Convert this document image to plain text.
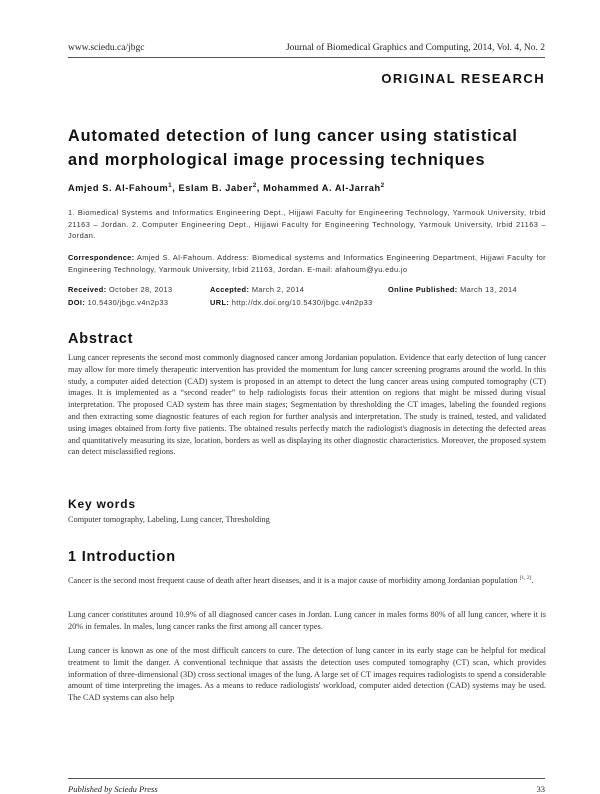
www.sciedu.ca/jbgc	Journal of Biomedical Graphics and Computing, 2014, Vol. 4, No. 2
ORIGINAL RESEARCH
Automated detection of lung cancer using statistical and morphological image processing techniques
Amjed S. Al-Fahoum$^1$, Eslam B. Jaber$^2$, Mohammed A. Al-Jarrah$^2$
1. Biomedical Systems and Informatics Engineering Dept., Hijjawi Faculty for Engineering Technology, Yarmouk University, Irbid 21163 – Jordan. 2. Computer Engineering Dept., Hijjawi Faculty for Engineering Technology, Yarmouk University, Irbid 21163 – Jordan.
Correspondence: Amjed S. Al-Fahoum. Address: Biomedical systems and Informatics Engineering Department, Hijjawi Faculty for Engineering Technology, Yarmouk University, Irbid 21163, Jordan. E-mail: afahoum@yu.edu.jo
Received: October 28, 2013	Accepted: March 2, 2014	Online Published: March 13, 2014
DOI: 10.5430/jbgc.v4n2p33	URL: http://dx.doi.org/10.5430/jbgc.v4n2p33
Abstract
Lung cancer represents the second most commonly diagnosed cancer among Jordanian population. Evidence that early detection of lung cancer may allow for more timely therapeutic intervention has provided the momentum for lung cancer screening programs around the world. In this study, a computer aided detection (CAD) system is proposed in an attempt to detect the lung cancer areas using computed tomography (CT) images. It is implemented as a “second reader” to help radiologists focus their attention on regions that might be missed during visual interpretation. The proposed CAD system has three main stages; Segmentation by thresholding the CT images, labeling the founded regions and then extracting some diagnostic features of each region for further analysis and interpretation. The study is trained, tested, and validated using images obtained from forty five patients. The obtained results perfectly match the radiologist's diagnosis in detecting the defected areas and quantitatively measuring its size, location, borders as well as displaying its other diagnostic characteristics. Moreover, the proposed system can detect misclassified regions.
Key words
Computer tomography, Labeling, Lung cancer, Thresholding
1 Introduction
Cancer is the second most frequent cause of death after heart diseases, and it is a major cause of morbidity among Jordanian population [1, 2].
Lung cancer constitutes around 10.9% of all diagnosed cancer cases in Jordan. Lung cancer in males forms 80% of all lung cancer, where it is 20% in females. In males, lung cancer ranks the first among all cancer types.
Lung cancer is known as one of the most difficult cancers to cure. The detection of lung cancer in its early stage can be helpful for medical treatment to limit the danger. A conventional technique that assists the detection uses computed tomography (CT) scan, which provides information of three-dimensional (3D) cross sectional images of the lung. A large set of CT images requires radiologists to spend a considerable amount of time interpreting the images. As a means to reduce radiologists' workload, computer aided detection (CAD) systems may be used. The CAD systems can also help
Published by Sciedu Press	33
